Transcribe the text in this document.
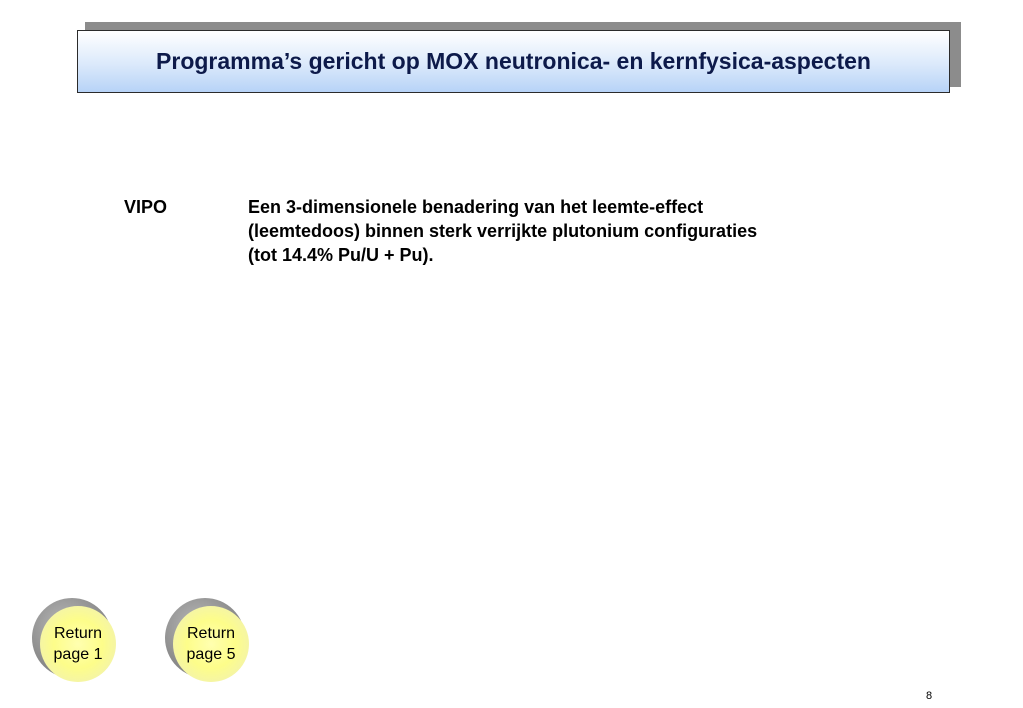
Programma’s gericht op MOX neutronica- en kernfysica-aspecten
VIPO	Een 3-dimensionele benadering van het leemte-effect
(leemtedoos) binnen sterk verrijkte plutonium configuraties
(tot 14.4% Pu/U + Pu).
Return
page 1
Return
page 5
8
